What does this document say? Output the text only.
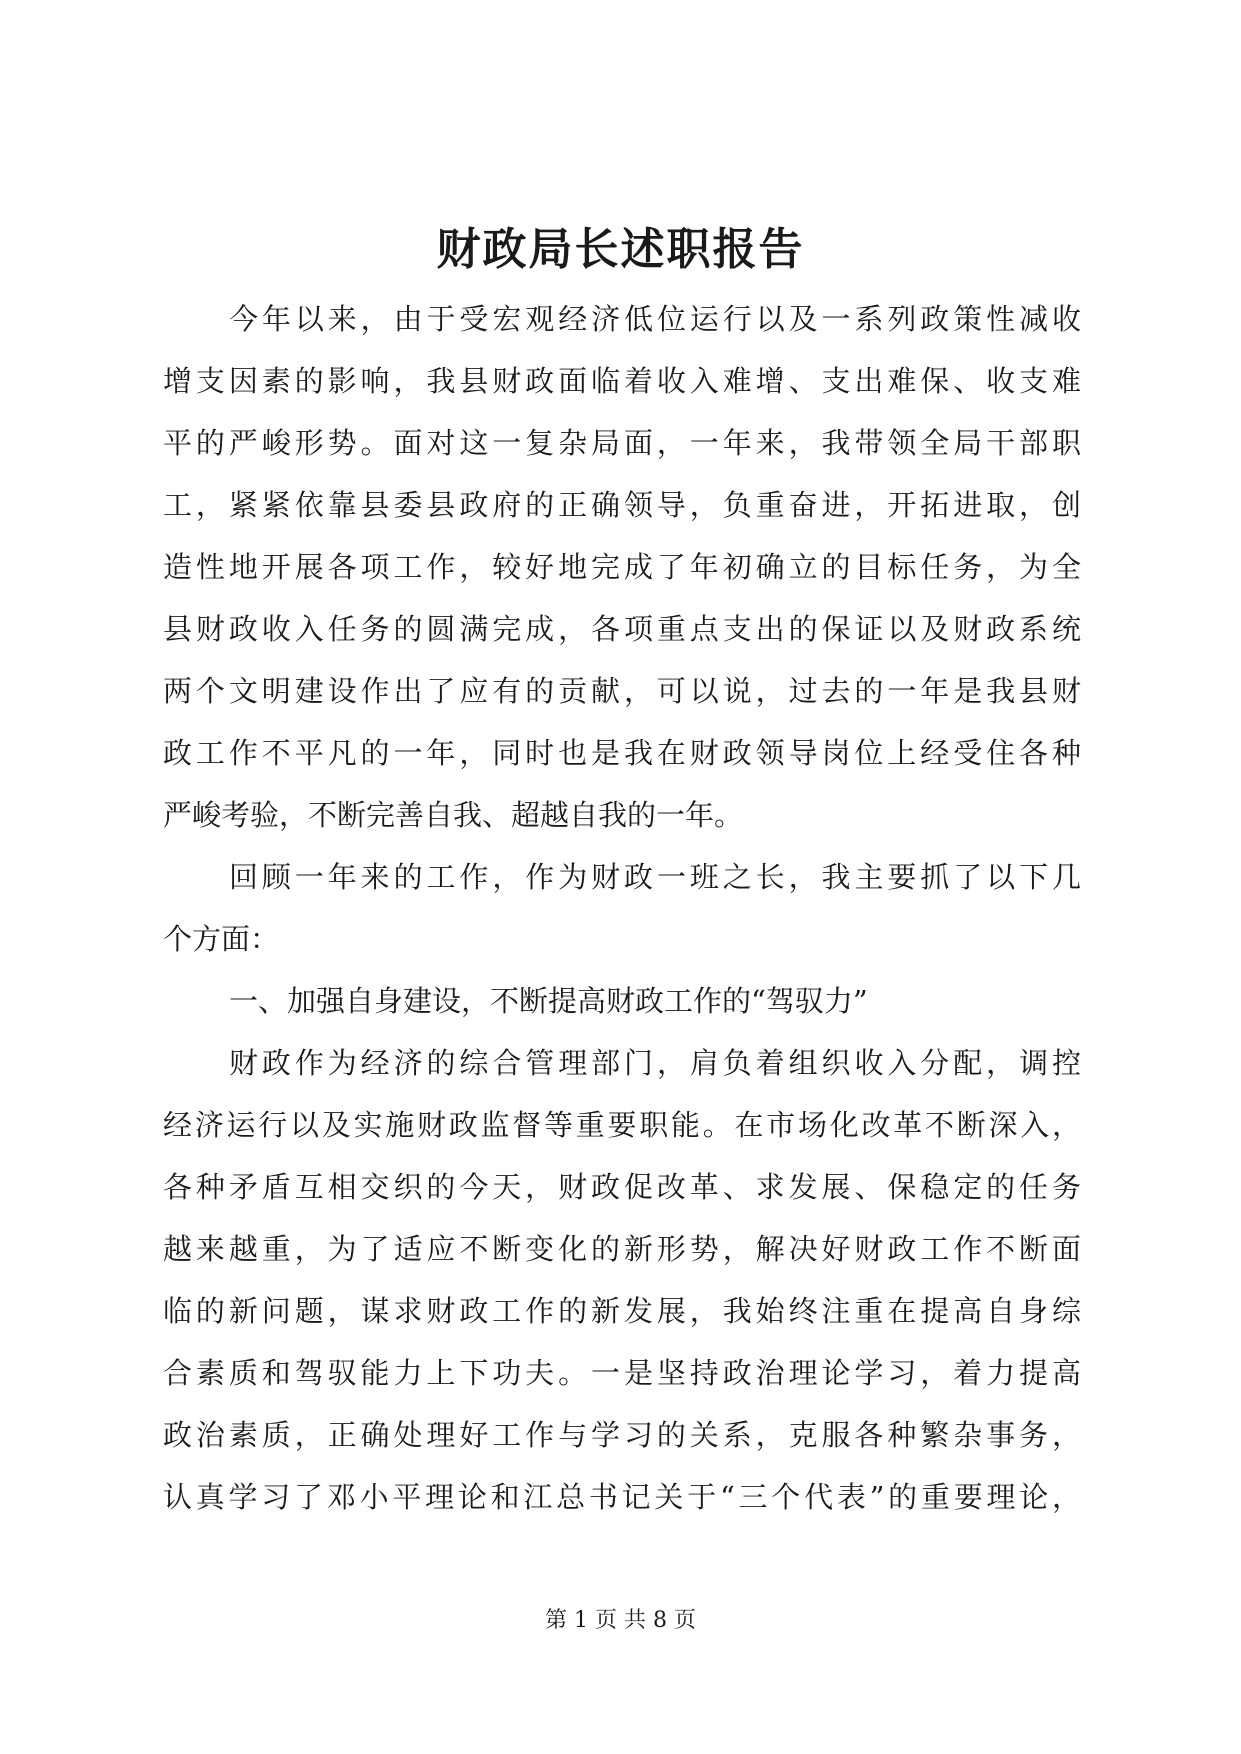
财政局长述职报告
今年以来，由于受宏观经济低位运行以及一系列政策性减收
增支因素的影响，我县财政面临着收入难增、支出难保、收支难
平的严峻形势。面对这一复杂局面，一年来，我带领全局干部职
工，紧紧依靠县委县政府的正确领导，负重奋进，开拓进取，创
造性地开展各项工作，较好地完成了年初确立的目标任务，为全
县财政收入任务的圆满完成，各项重点支出的保证以及财政系统
两个文明建设作出了应有的贡献，可以说，过去的一年是我县财
政工作不平凡的一年，同时也是我在财政领导岗位上经受住各种
严峻考验，不断完善自我、超越自我的一年。
回顾一年来的工作，作为财政一班之长，我主要抓了以下几
个方面：
一、加强自身建设，不断提高财政工作的“驾驭力”
财政作为经济的综合管理部门，肩负着组织收入分配，调控
经济运行以及实施财政监督等重要职能。在市场化改革不断深入，
各种矛盾互相交织的今天，财政促改革、求发展、保稳定的任务
越来越重，为了适应不断变化的新形势，解决好财政工作不断面
临的新问题，谋求财政工作的新发展，我始终注重在提高自身综
合素质和驾驭能力上下功夫。一是坚持政治理论学习，着力提高
政治素质，正确处理好工作与学习的关系，克服各种繁杂事务，
认真学习了邓小平理论和江总书记关于“三个代表”的重要理论，
第 1 页 共 8 页
